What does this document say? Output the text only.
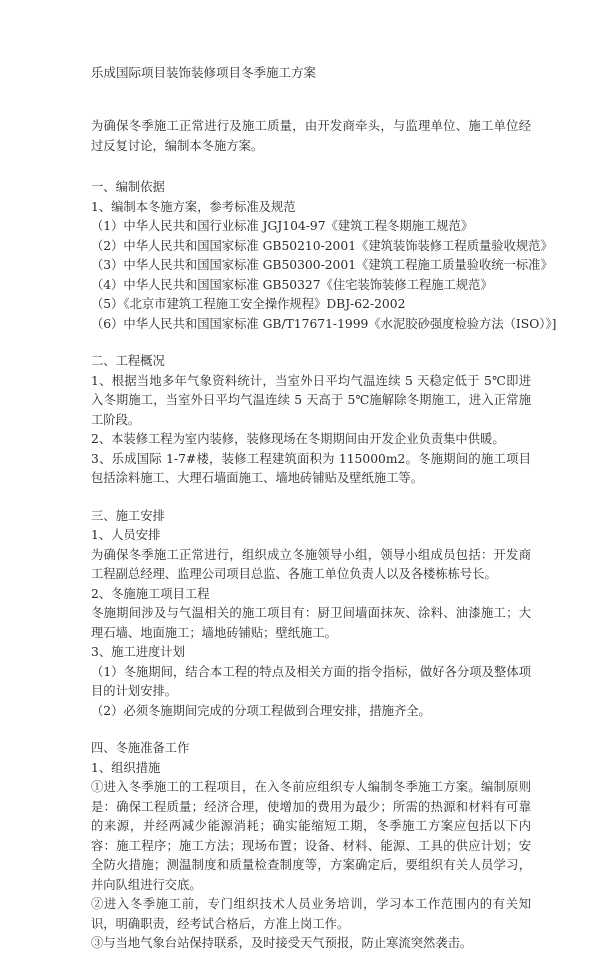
乐成国际项目装饰装修项目冬季施工方案

为确保冬季施工正常进行及施工质量，由开发商牵头，与监理单位、施工单位经过反复讨论，编制本冬施方案。

一、编制依据

1、编制本冬施方案，参考标准及规范

（1）中华人民共和国行业标准 JGJ104-97《建筑工程冬期施工规范》
（2）中华人民共和国国家标准 GB50210-2001《建筑装饰装修工程质量验收规范》
（3）中华人民共和国国家标准 GB50300-2001《建筑工程施工质量验收统一标准》
（4）中华人民共和国国家标准 GB50327《住宅装饰装修工程施工规范》
（5）《北京市建筑工程施工安全操作规程》DBJ-62-2002
（6）中华人民共和国国家标准 GB/T17671-1999《水泥胶砂强度检验方法（ISO）》]

二、工程概况

1、根据当地多年气象资料统计，当室外日平均气温连续 5 天稳定低于 5℃即进入冬期施工，当室外日平均气温连续 5 天高于 5℃施解除冬期施工，进入正常施工阶段。

2、本装修工程为室内装修，装修现场在冬期期间由开发企业负责集中供暖。

3、乐成国际 1-7#楼，装修工程建筑面积为 115000m2。冬施期间的施工项目包括涂料施工、大理石墙面施工、墙地砖铺贴及壁纸施工等。

三、施工安排

1、人员安排

为确保冬季施工正常进行，组织成立冬施领导小组，领导小组成员包括：开发商工程副总经理、监理公司项目总监、各施工单位负责人以及各楼栋栋号长。

2、冬施施工项目工程

冬施期间涉及与气温相关的施工项目有：厨卫间墙面抹灰、涂料、油漆施工；大理石墙、地面施工；墙地砖铺贴；壁纸施工。

3、施工进度计划

（1）冬施期间，结合本工程的特点及相关方面的指令指标，做好各分项及整体项目的计划安排。

（2）必须冬施期间完成的分项工程做到合理安排，措施齐全。

四、冬施准备工作

1、组织措施

①进入冬季施工的工程项目，在入冬前应组织专人编制冬季施工方案。编制原则是：确保工程质量；经济合理，使增加的费用为最少；所需的热源和材料有可靠的来源，并经两减少能源消耗；确实能缩短工期，冬季施工方案应包括以下内容：施工程序；施工方法；现场布置；设备、材料、能源、工具的供应计划；安全防火措施；测温制度和质量检查制度等，方案确定后，要组织有关人员学习，并向队组进行交底。

②进入冬季施工前，专门组织技术人员业务培训，学习本工作范围内的有关知识，明确职责，经考试合格后，方准上岗工作。

③与当地气象台站保持联系，及时接受天气预报，防止寒流突然袭击。
